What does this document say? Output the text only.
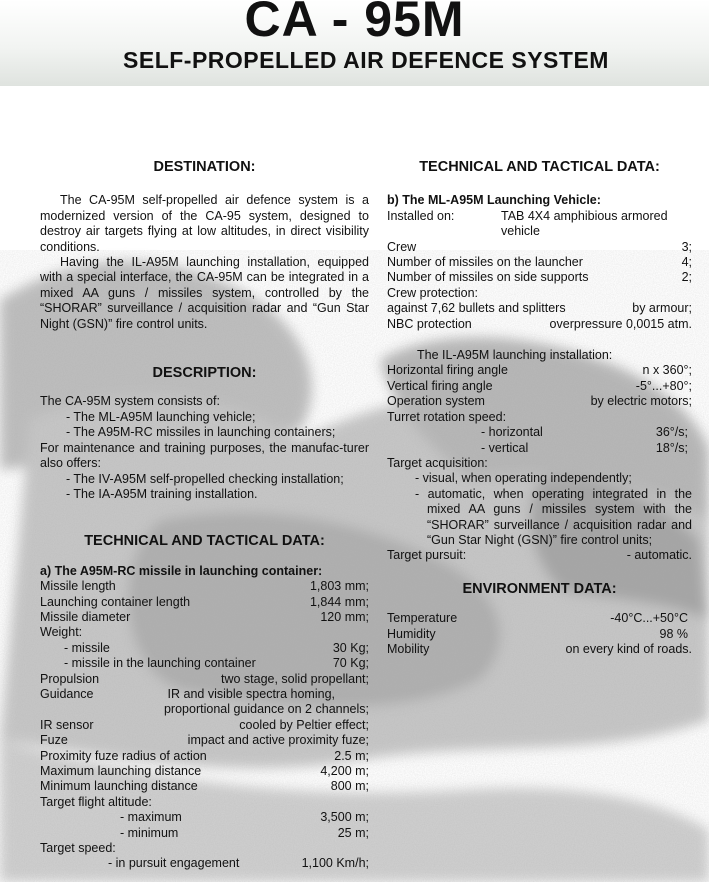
CA - 95M
SELF-PROPELLED AIR DEFENCE SYSTEM

DESTINATION:

The CA-95M self-propelled air defence system is a modernized version of the CA-95 system, designed to destroy air targets flying at low altitudes, in direct visibility conditions.

Having the IL-A95M launching installation, equipped with a special interface, the CA-95M can be integrated in a mixed AA guns / missiles system, controlled by the “SHORAR” surveillance / acquisition radar and “Gun Star Night (GSN)” fire control units.

DESCRIPTION:

The CA-95M system consists of:

- The ML-A95M launching vehicle;

- The A95M-RC missiles in launching containers;

For maintenance and training purposes, the manufac-turer also offers:

- The IV-A95M self-propelled checking installation;

- The IA-A95M training installation.

TECHNICAL AND TACTICAL DATA:

a) The A95M-RC missile in launching container:

Missile length	1,803 mm;
Launching container length	1,844 mm;
Missile diameter	120 mm;

Weight:

- missile	30 Kg;
- missile in the launching container	70 Kg;
Propulsion	two stage, solid propellant;
Guidance	IR and visible spectra homing,
proportional guidance on 2 channels;
IR sensor	cooled by Peltier effect;
Fuze	impact and active proximity fuze;
Proximity fuze radius of action	2.5 m;
Maximum launching distance	4,200 m;
Minimum launching distance	800 m;

Target flight altitude:

- maximum	3,500 m;
- minimum	25 m;

Target speed:

- in pursuit engagement	1,100 Km/h;

TECHNICAL AND TACTICAL DATA:

b) The ML-A95M Launching Vehicle:

Installed on:	TAB 4X4 amphibious armored
vehicle
Crew	3;
Number of missiles on the launcher	4;
Number of missiles on side supports	2;

Crew protection:

against 7,62 bullets and splitters	by armour;
NBC protection	overpressure 0,0015 atm.

The IL-A95M launching installation:

Horizontal firing angle	n x 360°;
Vertical firing angle	-5°...+80°;
Operation system	by electric motors;

Turret rotation speed:

- horizontal	36°/s;
- vertical	18°/s;

Target acquisition:

- visual, when operating independently;

- automatic, when operating integrated in the mixed AA guns / missiles system with the “SHORAR” surveillance / acquisition radar and “Gun Star Night (GSN)” fire control units;

Target pursuit:	- automatic.

ENVIRONMENT DATA:

Temperature	-40°C...+50°C
Humidity	98 %
Mobility	on every kind of roads.
